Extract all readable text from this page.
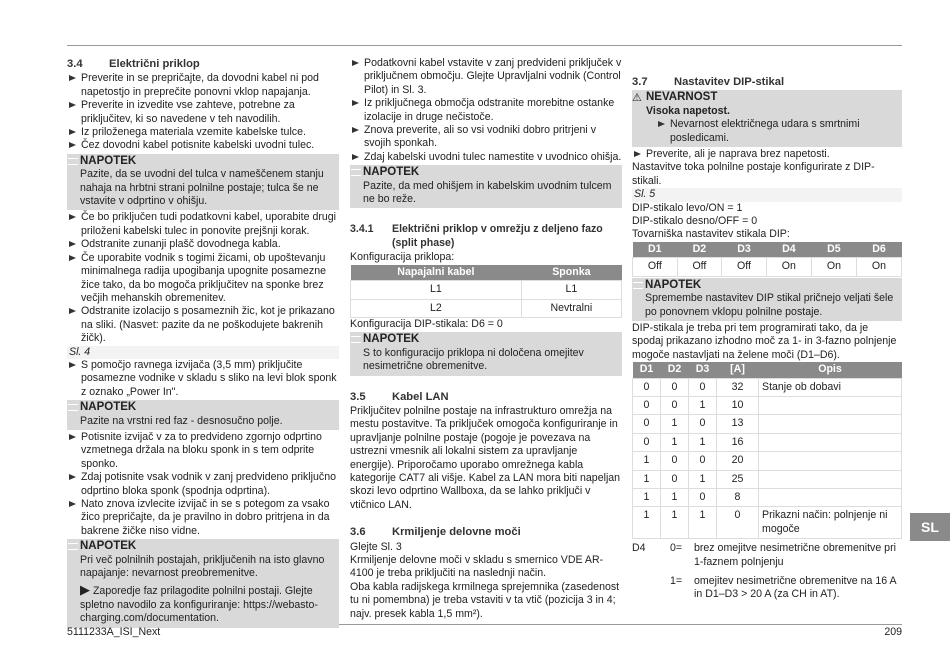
3.4 Električni priklop
Preverite in se prepričajte, da dovodni kabel ni pod napetostjo in preprečite ponovni vklop napajanja.
Preverite in izvedite vse zahteve, potrebne za priključitev, ki so navedene v teh navodilih.
Iz priloženega materiala vzemite kabelske tulce.
Čez dovodni kabel potisnite kabelski uvodni tulec.
NAPOTEK
Pazite, da se uvodni del tulca v nameščenem stanju nahaja na hrbtni strani polnilne postaje; tulca še ne vstavite v odprtino v ohišju.
Če bo priključen tudi podatkovni kabel, uporabite drugi priloženi kabelski tulec in ponovite prejšnji korak.
Odstranite zunanji plašč dovodnega kabla.
Če uporabite vodnik s togimi žicami, ob upoštevanju minimalnega radija upogibanja upognite posamezne žice tako, da bo mogoča priključitev na sponke brez večjih mehanskih obremenitev.
Odstranite izolacijo s posameznih žic, kot je prikazano na sliki. (Nasvet: pazite da ne poškodujete bakrenih žičk).
Sl. 4
S pomočjo ravnega izvijača (3,5 mm) priključite posamezne vodnike v skladu s sliko na levi blok sponk z oznako „Power In".
NAPOTEK
Pazite na vrstni red faz - desnosučno polje.
Potisnite izvijač v za to predvideno zgornjo odprtino vzmetnega držala na bloku sponk in s tem odprite sponko.
Zdaj potisnite vsak vodnik v zanj predvideno priključno odprtino bloka sponk (spodnja odprtina).
Nato znova izvlecite izvijač in se s potegom za vsako žico prepričajte, da je pravilno in dobro pritrjena in da bakrene žičke niso vidne.
NAPOTEK
Pri več polnilnih postajah, priključenih na isto glavno napajanje: nevarnost preobremenitve.
▶ Zaporedje faz prilagodite polnilni postaji. Glejte spletno navodilo za konfiguriranje: https://webasto-charging.com/documentation.
Podatkovni kabel vstavite v zanj predvideni priključek v priključnem območju. Glejte Upravljalni vodnik (Control Pilot) in Sl. 3.
Iz priključnega območja odstranite morebitne ostanke izolacije in druge nečistoče.
Znova preverite, ali so vsi vodniki dobro pritrjeni v svojih sponkah.
Zdaj kabelski uvodni tulec namestite v uvodnico ohišja.
NAPOTEK
Pazite, da med ohišjem in kabelskim uvodnim tulcem ne bo reže.
3.4.1	Električni priklop v omrežju z deljeno fazo (split phase)
Konfiguracija priklopa:
Napajalni kabel	Sponka
L1	L1
L2	Nevtralni
Konfiguracija DIP-stikala: D6 = 0
NAPOTEK
S to konfiguracijo priklopa ni določena omejitev nesimetrične obremenitve.
3.5 Kabel LAN
Priključitev polnilne postaje na infrastrukturo omrežja na mestu postavitve. Ta priključek omogoča konfiguriranje in upravljanje polnilne postaje (pogoje je povezava na ustrezni vmesnik ali lokalni sistem za upravljanje energije). Priporočamo uporabo omrežnega kabla kategorije CAT7 ali višje. Kabel za LAN mora biti napeljan skozi levo odprtino Wallboxa, da se lahko priključi v vtičnico LAN.
3.6 Krmiljenje delovne moči
Glejte Sl. 3
Krmiljenje delovne moči v skladu s smernico VDE AR-4100 je treba priključiti na naslednji način.
Oba kabla radijskega krmilnega sprejemnika (zasedenost tu ni pomembna) je treba vstaviti v ta vtič (pozicija 3 in 4; najv. presek kabla 1,5 mm²).
3.7 Nastavitev DIP-stikal
⚠ NEVARNOST
Visoka napetost.
Nevarnost električnega udara s smrtnimi posledicami.
Preverite, ali je naprava brez napetosti.
Nastavitve toka polnilne postaje konfigurirate z DIP-stikali.
Sl. 5
DIP-stikalo levo/ON = 1
DIP-stikalo desno/OFF = 0
Tovarniška nastavitev stikala DIP:
D1	D2	D3	D4	D5	D6
Off	Off	Off	On	On	On
NAPOTEK
Spremembe nastavitev DIP stikal pričnejo veljati šele po ponovnem vklopu polnilne postaje.
DIP-stikala je treba pri tem programirati tako, da je spodaj prikazano izhodno moč za 1- in 3-fazno polnjenje mogoče nastavljati na želene moči (D1–D6).
D1	D2	D3	[A]	Opis
0	0	0	32	Stanje ob dobavi
0	0	1	10	
0	1	0	13	
0	1	1	16	
1	0	0	20	
1	0	1	25	
1	1	0	8	
1	1	1	0	Prikazni način: polnjenje ni mogoče
D4	0=	brez omejitve nesimetrične obremenitve pri 1-faznem polnjenju
1=	omejitev nesimetrične obremenitve na 16 A in D1–D3 > 20 A (za CH in AT).
5111233A_ISI_Next	209
SL
